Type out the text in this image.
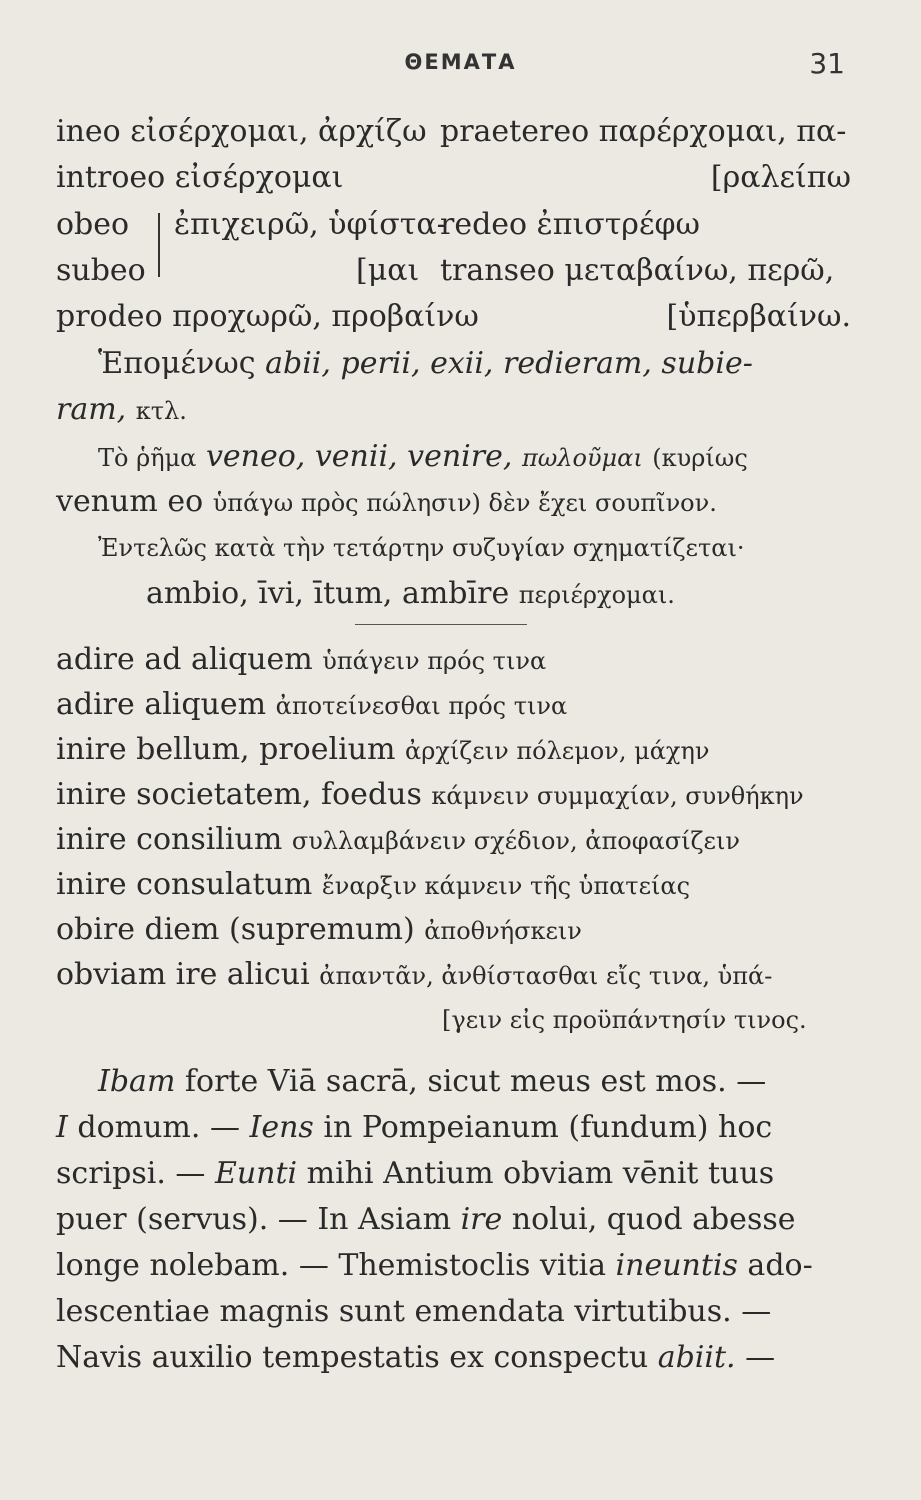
ΘΕΜΑΤΑ	31
ineo εἰσέρχομαι, ἀρχίζω praetereo παρέρχομαι, πα-
introeo εἰσέρχομαι	[ραλείπω
obeo ἐπιχειρῶ, ὑφίστα-
redeo ἐπιστρέφω
subeo	[μαι transeo μεταβαίνω, περῶ,
prodeo προχωρῶ, προβαίνω	[ὑπερβαίνω.
Ἑπομένως abii, perii, exii, redieram, subie-
ram, κτλ.
Τὸ ῥῆμα veneo, venii, venire, πωλοῦμαι (κυρίως
venum eo ὑπάγω πρὸς πώλησιν) δὲν ἔχει σουπῖνον.
Ἐντελῶς κατὰ τὴν τετάρτην συζυγίαν σχηματίζεται·
ambio, īvi, ītum, ambīre περιέρχομαι.
adire ad aliquem ὑπάγειν πρός τινα
adire aliquem ἀποτείνεσθαι πρός τινα
inire bellum, proelium ἀρχίζειν πόλεμον, μάχην
inire societatem, foedus κάμνειν συμμαχίαν, συνθήκην
inire consilium συλλαμβάνειν σχέδιον, ἀποφασίζειν
inire consulatum ἔναρξιν κάμνειν τῆς ὑπατείας
obire diem (supremum) ἀποθνήσκειν
obviam ire alicui ἀπαντᾶν, ἀνθίστασθαι εἴς τινα, ὑπά-
[γειν εἰς προϋπάντησίν τινος.
Ibam forte Viā sacrā, sicut meus est mos. —
I domum. — Iens in Pompeianum (fundum) hoc
scripsi. — Eunti mihi Antium obviam vēnit tuus
puer (servus). — In Asiam ire nolui, quod abesse
longe nolebam. — Themistoclis vitia ineuntis ado-
lescentiae magnis sunt emendata virtutibus. —
Navis auxilio tempestatis ex conspectu abiit. —
